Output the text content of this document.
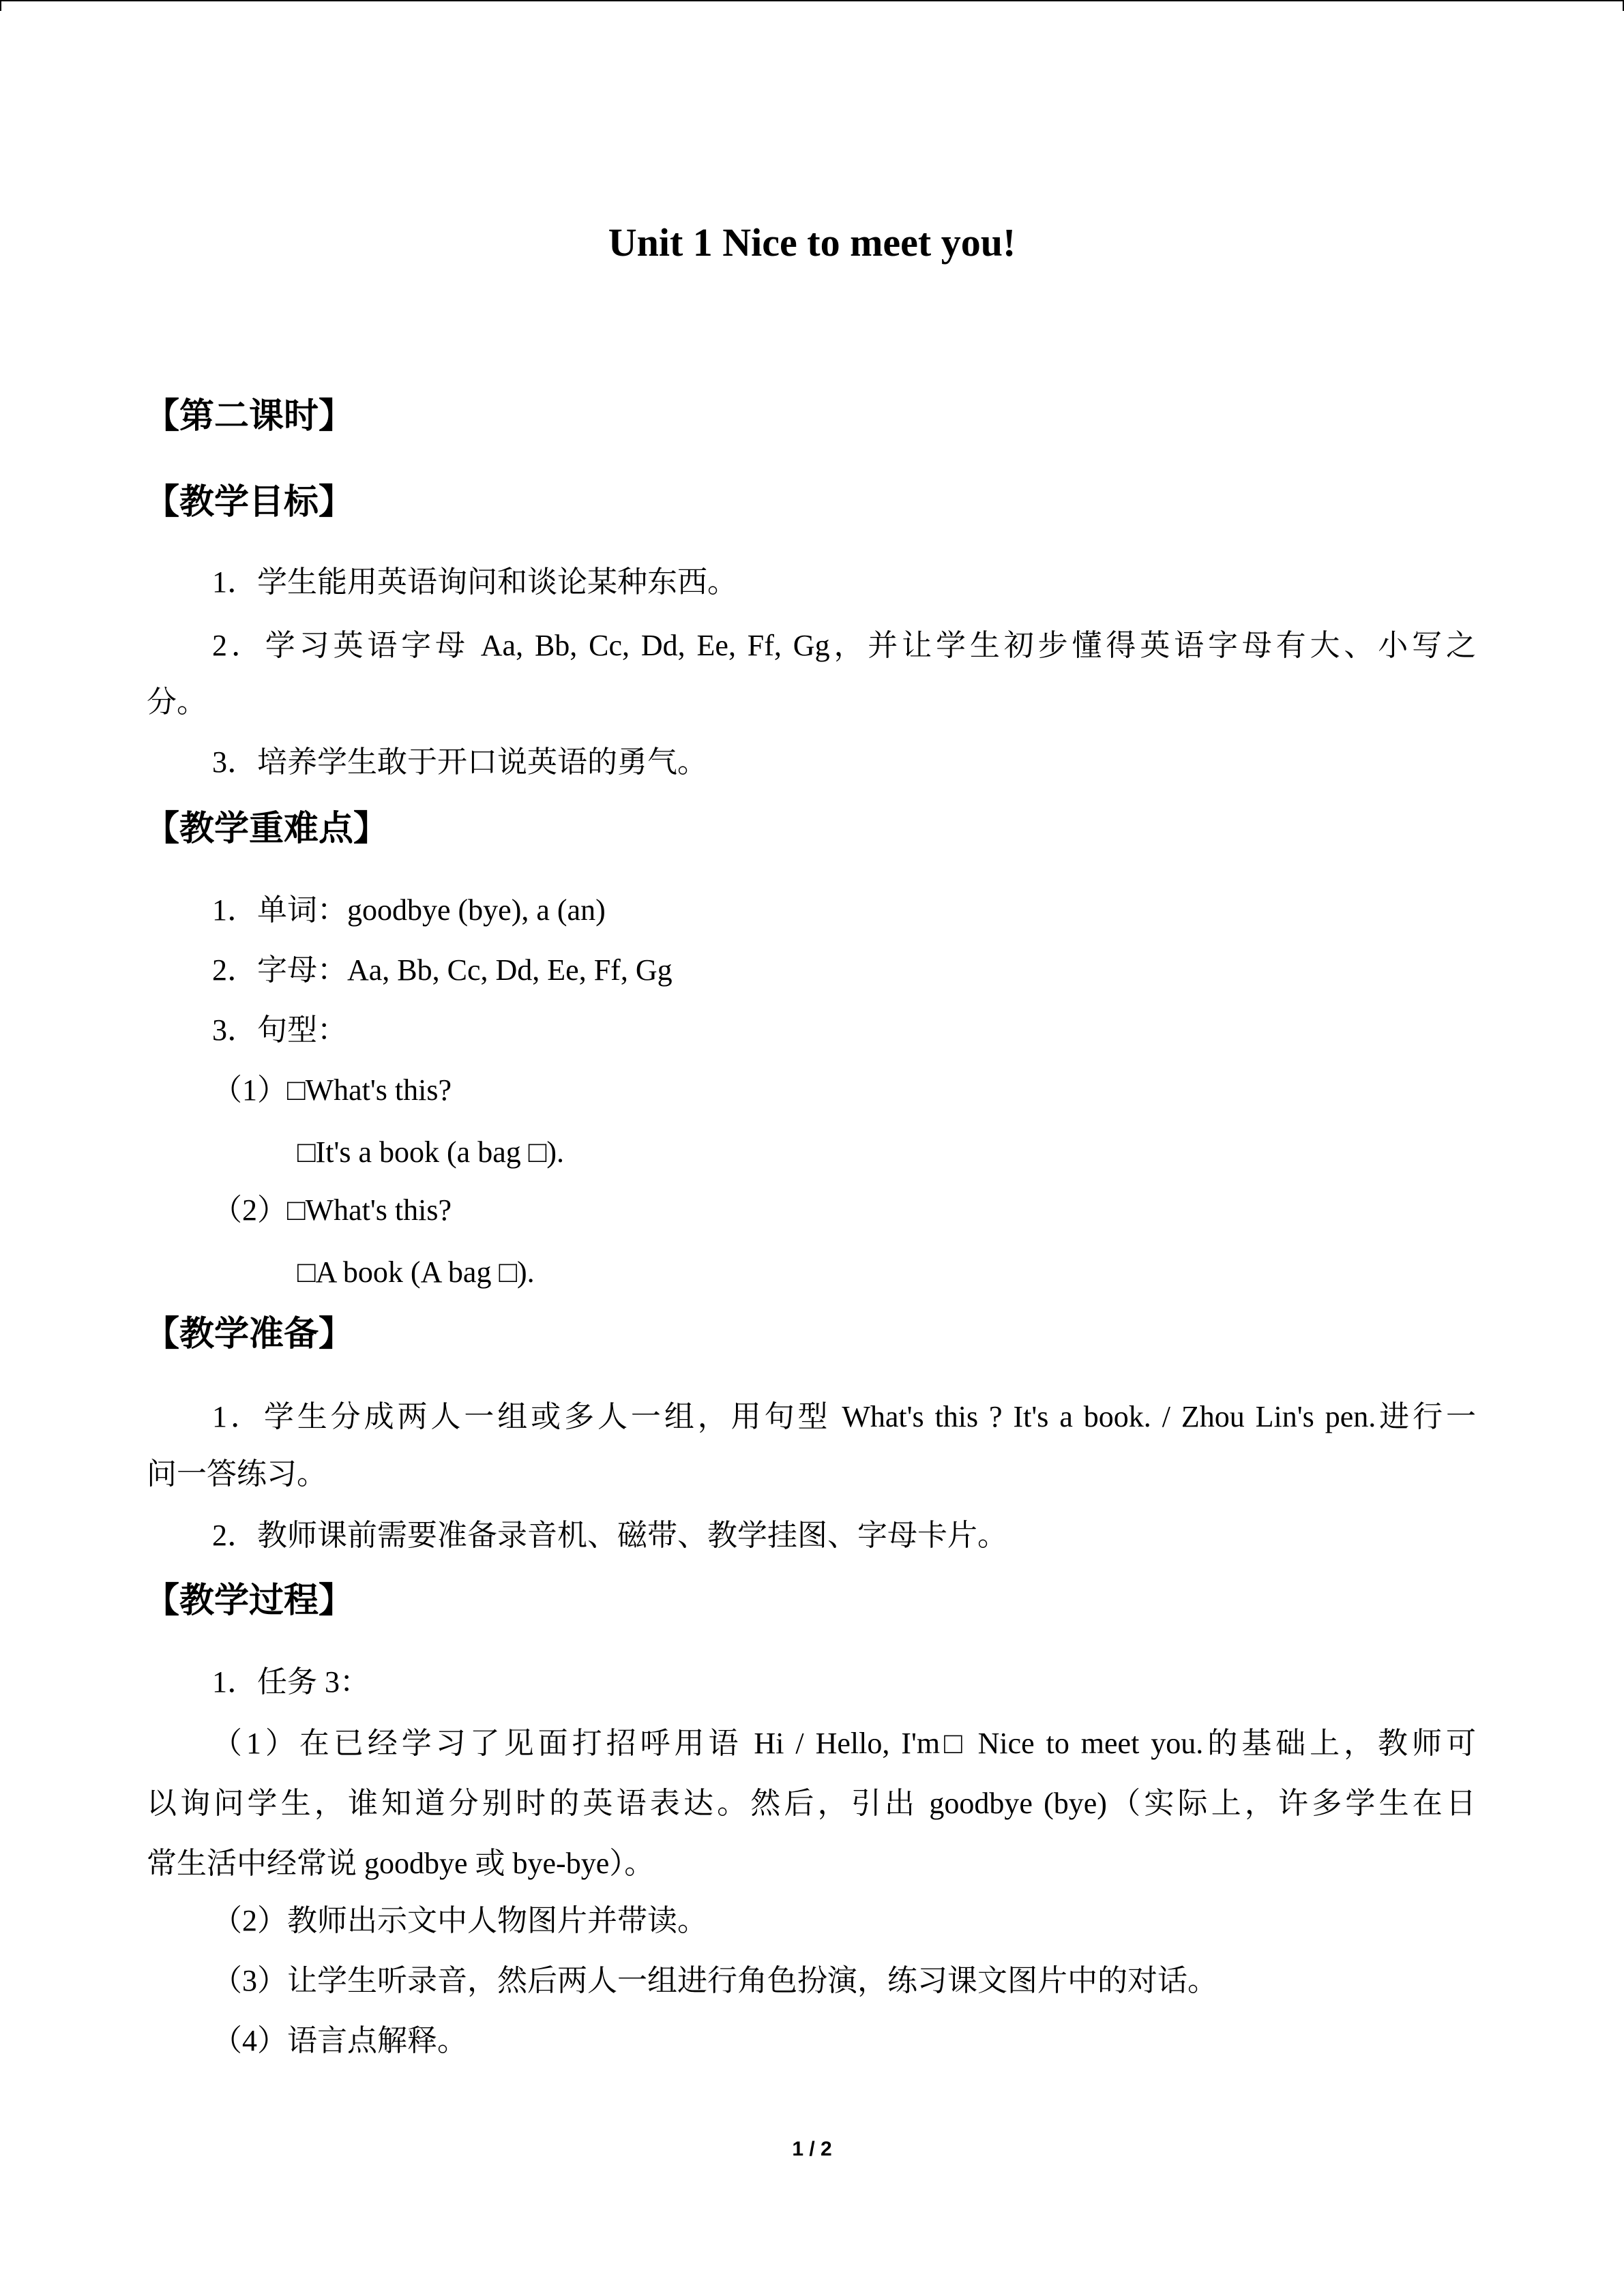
Unit 1 Nice to meet you!
【第二课时】
【教学目标】
1．学生能用英语询问和谈论某种东西。
2．学习英语字母 Aa, Bb, Cc, Dd, Ee, Ff, Gg，并让学生初步懂得英语字母有大、小写之
分。
3．培养学生敢于开口说英语的勇气。
【教学重难点】
1．单词：goodbye (bye), a (an)
2．字母：Aa, Bb, Cc, Dd, Ee, Ff, Gg
3．句型：
（1）□What's this?
□It's a book (a bag □).
（2）□What's this?
□A book (A bag □).
【教学准备】
1．学生分成两人一组或多人一组，用句型 What's this ? It's a book. / Zhou Lin's pen.进行一
问一答练习。
2．教师课前需要准备录音机、磁带、教学挂图、字母卡片。
【教学过程】
1．任务 3：
（1）在已经学习了见面打招呼用语 Hi / Hello, I'm□ Nice to meet you.的基础上，教师可
以询问学生，谁知道分别时的英语表达。然后，引出 goodbye (bye)（实际上，许多学生在日
常生活中经常说 goodbye 或 bye-bye）。
（2）教师出示文中人物图片并带读。
（3）让学生听录音，然后两人一组进行角色扮演，练习课文图片中的对话。
（4）语言点解释。
1 / 2
